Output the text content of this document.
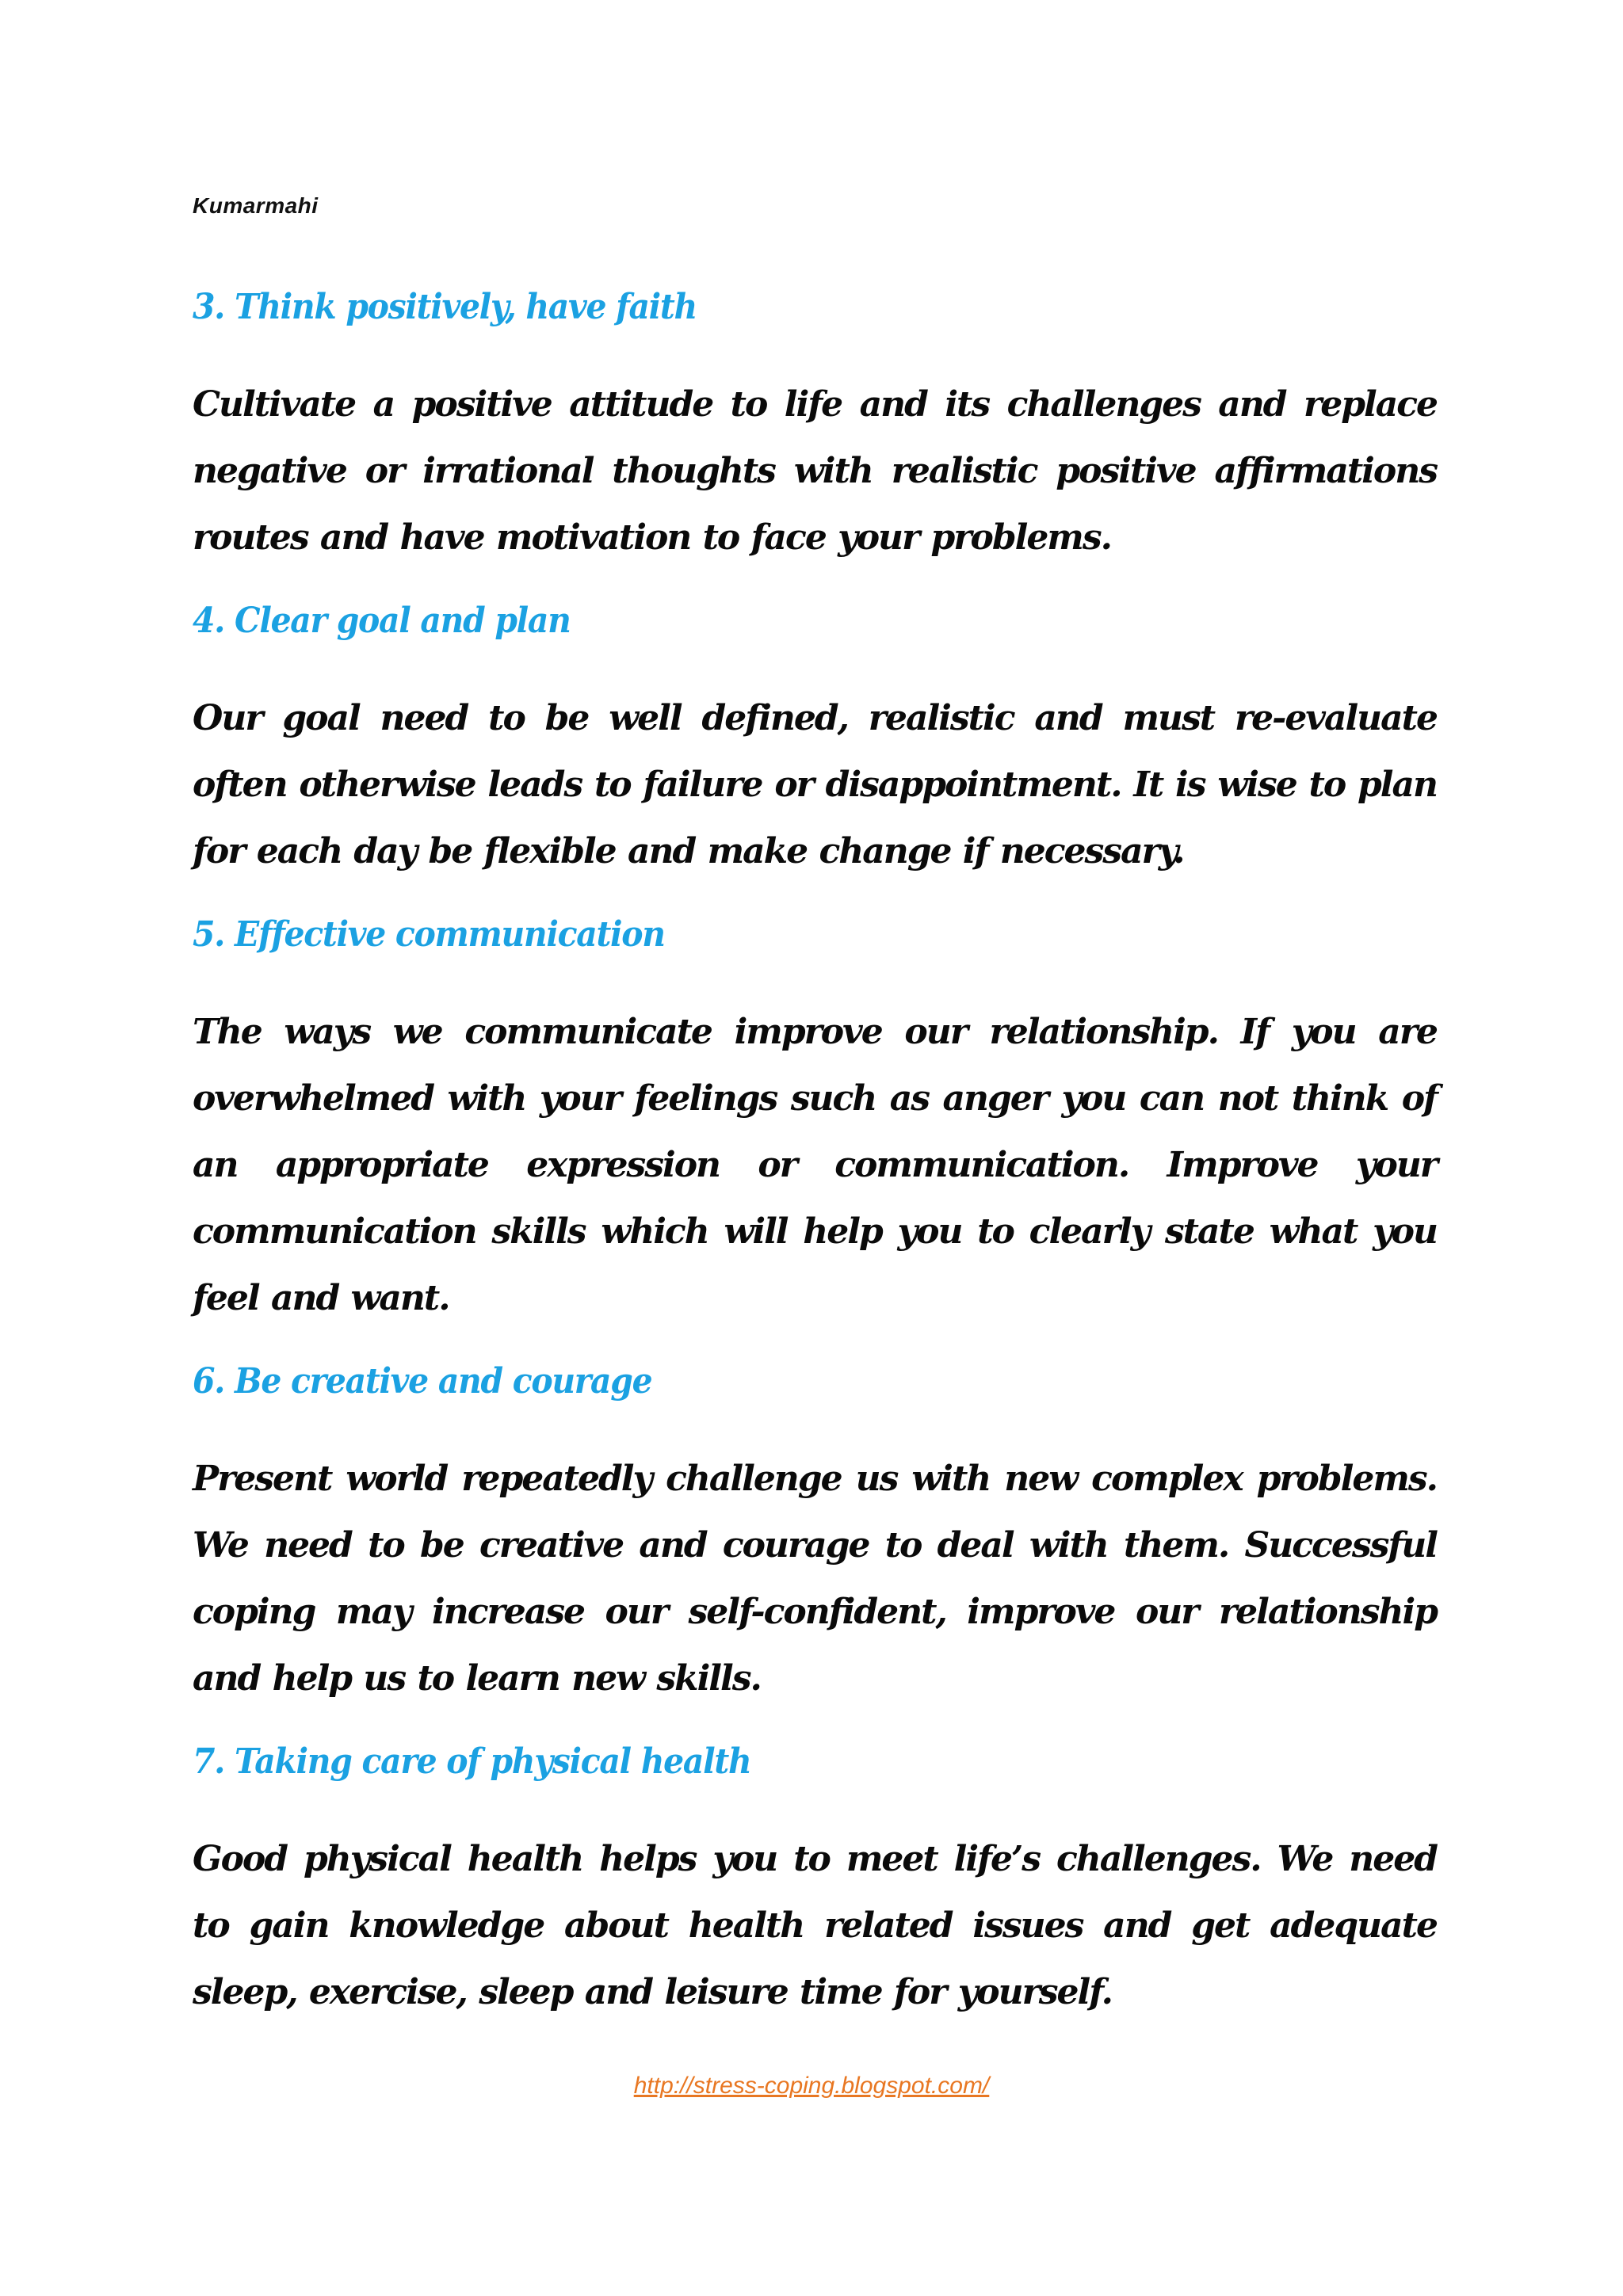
Kumarmahi
3. Think positively, have faith

Cultivate a positive attitude to life and its challenges and replace negative or irrational thoughts with realistic positive affirmations routes and have motivation to face your problems.

4. Clear goal and plan

Our goal need to be well defined, realistic and must re-evaluate often otherwise leads to failure or disappointment. It is wise to plan for each day be flexible and make change if necessary.

5. Effective communication

The ways we communicate improve our relationship. If you are overwhelmed with your feelings such as anger you can not think of an appropriate expression or communication. Improve your communication skills which will help you to clearly state what you feel and want.

6. Be creative and courage

Present world repeatedly challenge us with new complex problems. We need to be creative and courage to deal with them. Successful coping may increase our self-confident, improve our relationship and help us to learn new skills.

7. Taking care of physical health

Good physical health helps you to meet life’s challenges. We need to gain knowledge about health related issues and get adequate sleep, exercise, sleep and leisure time for yourself.

http://stress-coping.blogspot.com/
